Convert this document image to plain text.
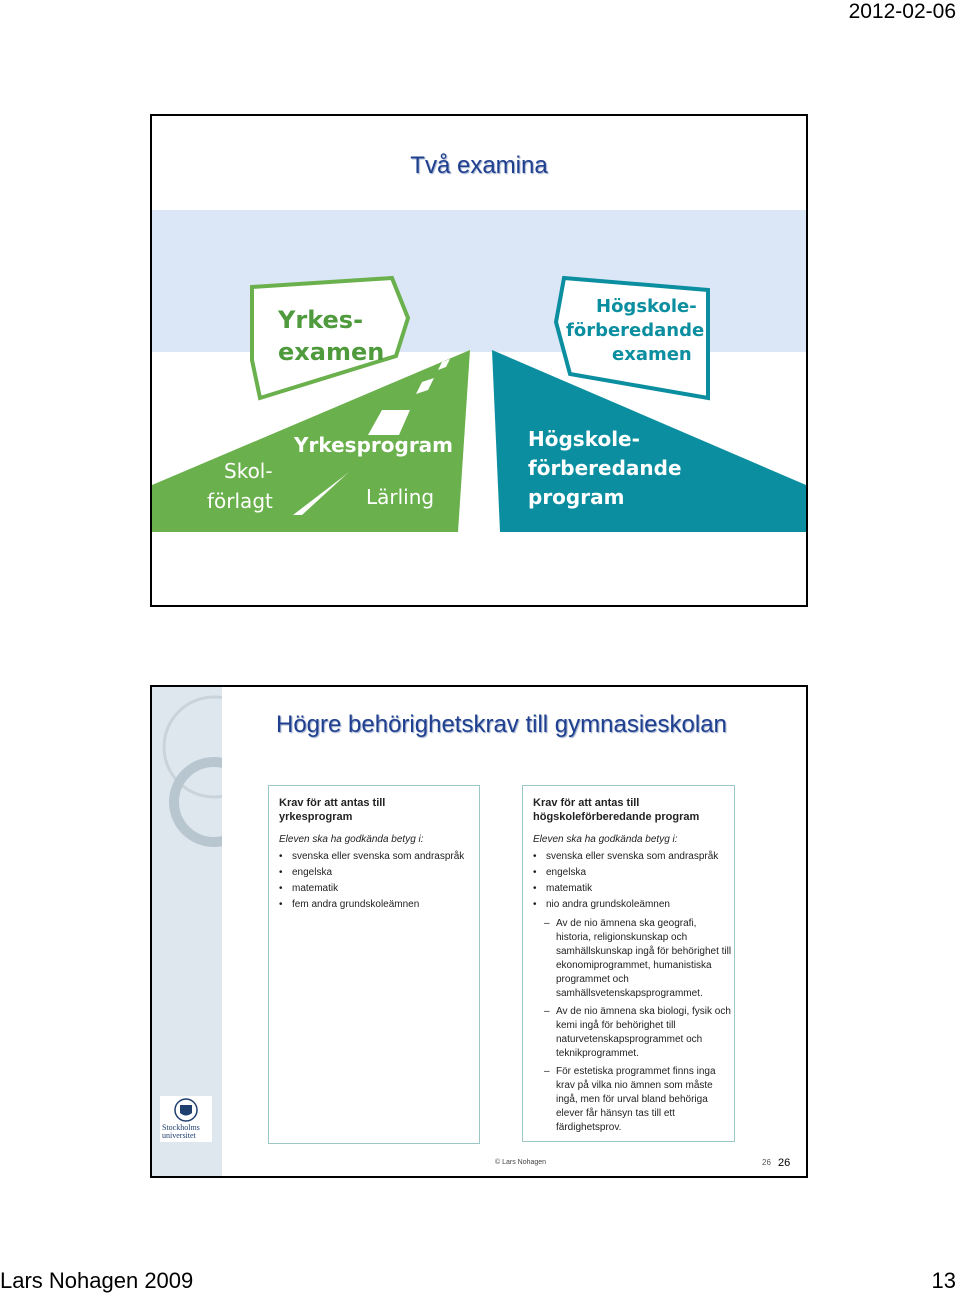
2012-02-06
Två examina
Yrkes-
examen
Högskole-
förberedande
examen
Yrkesprogram
Skol-
förlagt	Lärling
Högskole-
förberedande
program
Högre behörighetskrav till gymnasieskolan
Krav för att antas till
yrkesprogram
Eleven ska ha godkända betyg i:
• svenska eller svenska som andraspråk
• engelska
• matematik
• fem andra grundskoleämnen
Krav för att antas till
högskoleförberedande program
Eleven ska ha godkända betyg i:
• svenska eller svenska som andraspråk
• engelska
• matematik
• nio andra grundskoleämnen
– Av de nio ämnena ska geografi, historia, religionskunskap och samhällskunskap ingå för behörighet till ekonomiprogrammet, humanistiska programmet och samhällsvetenskapsprogrammet.
– Av de nio ämnena ska biologi, fysik och kemi ingå för behörighet till naturvetenskapsprogrammet och teknikprogrammet.
– För estetiska programmet finns inga krav på vilka nio ämnen som måste ingå, men för urval bland behöriga elever får hänsyn tas till ett färdighetsprov.
Stockholms
universitet
© Lars Nohagen	26 26
Lars Nohagen 2009	13
